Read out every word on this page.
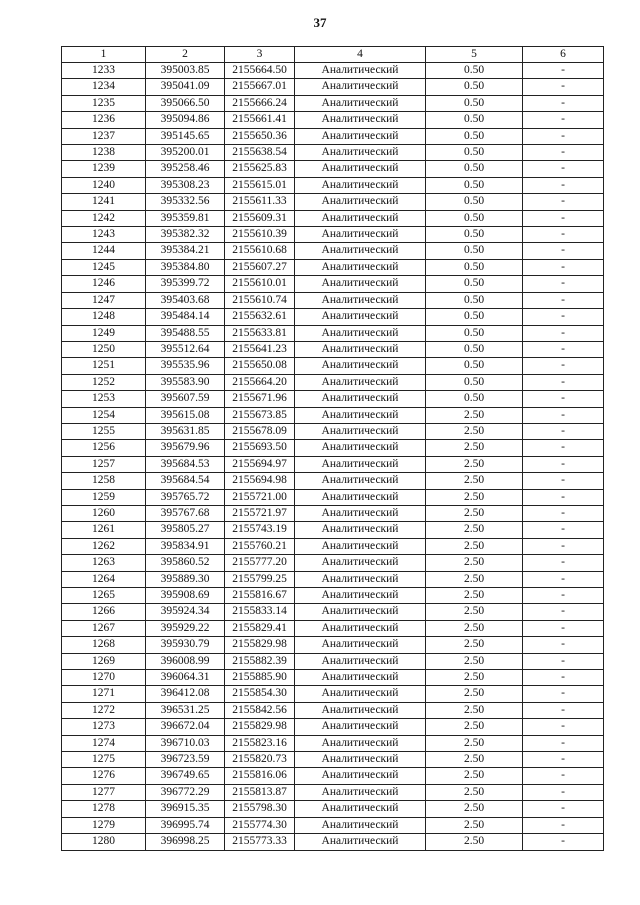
37
1	2	3	4	5	6
1233	395003.85	2155664.50	Аналитический	0.50	-
1234	395041.09	2155667.01	Аналитический	0.50	-
1235	395066.50	2155666.24	Аналитический	0.50	-
1236	395094.86	2155661.41	Аналитический	0.50	-
1237	395145.65	2155650.36	Аналитический	0.50	-
1238	395200.01	2155638.54	Аналитический	0.50	-
1239	395258.46	2155625.83	Аналитический	0.50	-
1240	395308.23	2155615.01	Аналитический	0.50	-
1241	395332.56	2155611.33	Аналитический	0.50	-
1242	395359.81	2155609.31	Аналитический	0.50	-
1243	395382.32	2155610.39	Аналитический	0.50	-
1244	395384.21	2155610.68	Аналитический	0.50	-
1245	395384.80	2155607.27	Аналитический	0.50	-
1246	395399.72	2155610.01	Аналитический	0.50	-
1247	395403.68	2155610.74	Аналитический	0.50	-
1248	395484.14	2155632.61	Аналитический	0.50	-
1249	395488.55	2155633.81	Аналитический	0.50	-
1250	395512.64	2155641.23	Аналитический	0.50	-
1251	395535.96	2155650.08	Аналитический	0.50	-
1252	395583.90	2155664.20	Аналитический	0.50	-
1253	395607.59	2155671.96	Аналитический	0.50	-
1254	395615.08	2155673.85	Аналитический	2.50	-
1255	395631.85	2155678.09	Аналитический	2.50	-
1256	395679.96	2155693.50	Аналитический	2.50	-
1257	395684.53	2155694.97	Аналитический	2.50	-
1258	395684.54	2155694.98	Аналитический	2.50	-
1259	395765.72	2155721.00	Аналитический	2.50	-
1260	395767.68	2155721.97	Аналитический	2.50	-
1261	395805.27	2155743.19	Аналитический	2.50	-
1262	395834.91	2155760.21	Аналитический	2.50	-
1263	395860.52	2155777.20	Аналитический	2.50	-
1264	395889.30	2155799.25	Аналитический	2.50	-
1265	395908.69	2155816.67	Аналитический	2.50	-
1266	395924.34	2155833.14	Аналитический	2.50	-
1267	395929.22	2155829.41	Аналитический	2.50	-
1268	395930.79	2155829.98	Аналитический	2.50	-
1269	396008.99	2155882.39	Аналитический	2.50	-
1270	396064.31	2155885.90	Аналитический	2.50	-
1271	396412.08	2155854.30	Аналитический	2.50	-
1272	396531.25	2155842.56	Аналитический	2.50	-
1273	396672.04	2155829.98	Аналитический	2.50	-
1274	396710.03	2155823.16	Аналитический	2.50	-
1275	396723.59	2155820.73	Аналитический	2.50	-
1276	396749.65	2155816.06	Аналитический	2.50	-
1277	396772.29	2155813.87	Аналитический	2.50	-
1278	396915.35	2155798.30	Аналитический	2.50	-
1279	396995.74	2155774.30	Аналитический	2.50	-
1280	396998.25	2155773.33	Аналитический	2.50	-
